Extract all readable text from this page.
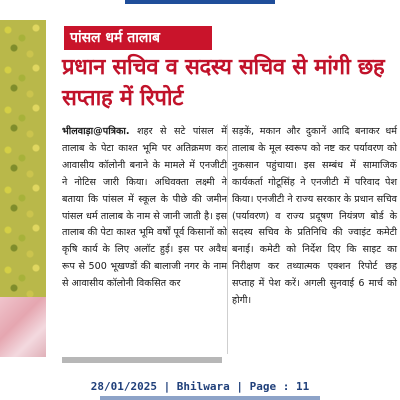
पांसल धर्म तालाब
प्रधान सचिव व सदस्य सचिव से मांगी छह सप्ताह में रिपोर्ट

भीलवाड़ा@पत्रिका. शहर से सटे पांसल में तालाब के पेटा काश्त भूमि पर अतिक्रमण कर आवासीय कॉलोनी बनाने के मामले में एनजीटी ने नोटिस जारी किया। अधिवक्ता लक्ष्मी ने बताया कि पांसल में स्कूल के पीछे की जमीन पांसल धर्म तालाब के नाम से जानी जाती है। इस तालाब की पेटा काश्त भूमि वर्षों पूर्व किसानों को कृषि कार्य के लिए अलॉट हुई। इस पर अवैध रूप से 500 भूखण्डों की बालाजी नगर के नाम से आवासीय कॉलोनी विकसित कर

सड़कें, मकान और दुकानें आदि बनाकर धर्म तालाब के मूल स्वरूप को नष्ट कर पर्यावरण को नुकसान पहुंचाया। इस सम्बंध में सामाजिक कार्यकर्ता गोटूसिंह ने एनजीटी में परिवाद पेश किया। एनजीटी ने राज्य सरकार के प्रधान सचिव (पर्यावरण) व राज्य प्रदूषण नियंत्रण बोर्ड के सदस्य सचिव के प्रतिनिधि की ज्वाइंट कमेटी बनाई। कमेटी को निर्देश दिए कि साइट का निरीक्षण कर तथ्यात्मक एक्शन रिपोर्ट छह सप्ताह में पेश करें। अगली सुनवाई 6 मार्च को होगी।

28/01/2025 | Bhilwara | Page : 11
